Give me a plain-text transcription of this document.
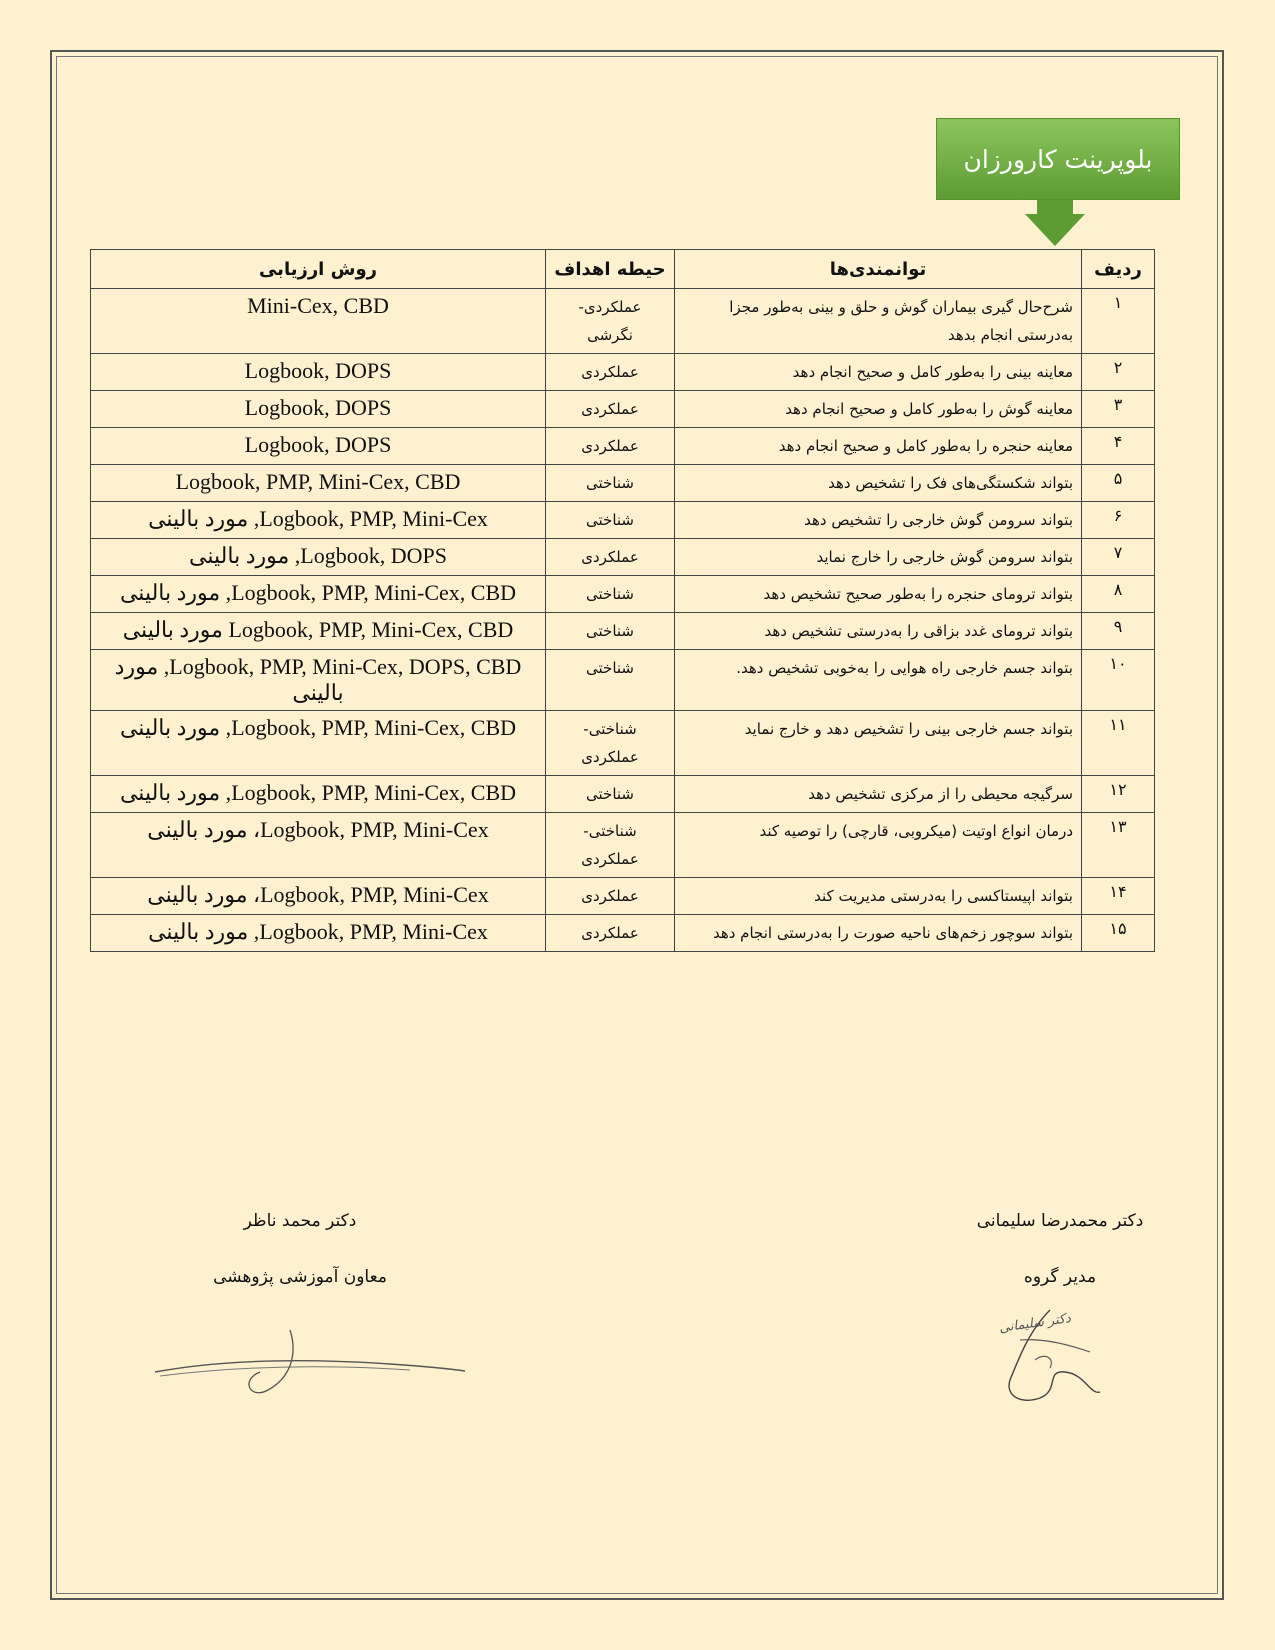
بلوپرینت کارورزان
ردیف	توانمندی‌ها	حیطه اهداف	روش ارزیابی
۱	شرح‌حال گیری بیماران گوش و حلق و بینی به‌طور مجزا به‌درستی انجام بدهد	عملکردی- نگرشی	Mini-Cex, CBD
۲	معاینه بینی را به‌طور کامل و صحیح انجام دهد	عملکردی	Logbook, DOPS
۳	معاینه گوش را به‌طور کامل و صحیح انجام دهد	عملکردی	Logbook, DOPS
۴	معاینه حنجره را به‌طور کامل و صحیح انجام دهد	عملکردی	Logbook, DOPS
۵	بتواند شکستگی‌های فک را تشخیص دهد	شناختی	Logbook, PMP, Mini-Cex, CBD
۶	بتواند سرومن گوش خارجی را تشخیص دهد	شناختی	Logbook, PMP, Mini-Cex, مورد بالینی
۷	بتواند سرومن گوش خارجی را خارج نماید	عملکردی	Logbook, DOPS, مورد بالینی
۸	بتواند ترومای حنجره را به‌طور صحیح تشخیص دهد	شناختی	Logbook, PMP, Mini-Cex, CBD, مورد بالینی
۹	بتواند ترومای غدد بزاقی را به‌درستی تشخیص دهد	شناختی	Logbook, PMP, Mini-Cex, CBD مورد بالینی
۱۰	بتواند جسم خارجی راه هوایی را به‌خوبی تشخیص دهد.	شناختی	Logbook, PMP, Mini-Cex, DOPS, CBD, مورد بالینی
۱۱	بتواند جسم خارجی بینی را تشخیص دهد و خارج نماید	شناختی- عملکردی	Logbook, PMP, Mini-Cex, CBD, مورد بالینی
۱۲	سرگیجه محیطی را از مرکزی تشخیص دهد	شناختی	Logbook, PMP, Mini-Cex, CBD, مورد بالینی
۱۳	درمان انواع اوتیت (میکروبی، قارچی) را توصیه کند	شناختی- عملکردی	Logbook, PMP, Mini-Cex، مورد بالینی
۱۴	بتواند اپیستاکسی را به‌درستی مدیریت کند	عملکردی	Logbook, PMP, Mini-Cex، مورد بالینی
۱۵	بتواند سوچور زخم‌های ناحیه صورت را به‌درستی انجام دهد	عملکردی	Logbook, PMP, Mini-Cex, مورد بالینی
دکتر محمد ناظر
معاون آموزشی پژوهشی
دکتر محمدرضا سلیمانی
مدیر گروه
دکتر سلیمانی
